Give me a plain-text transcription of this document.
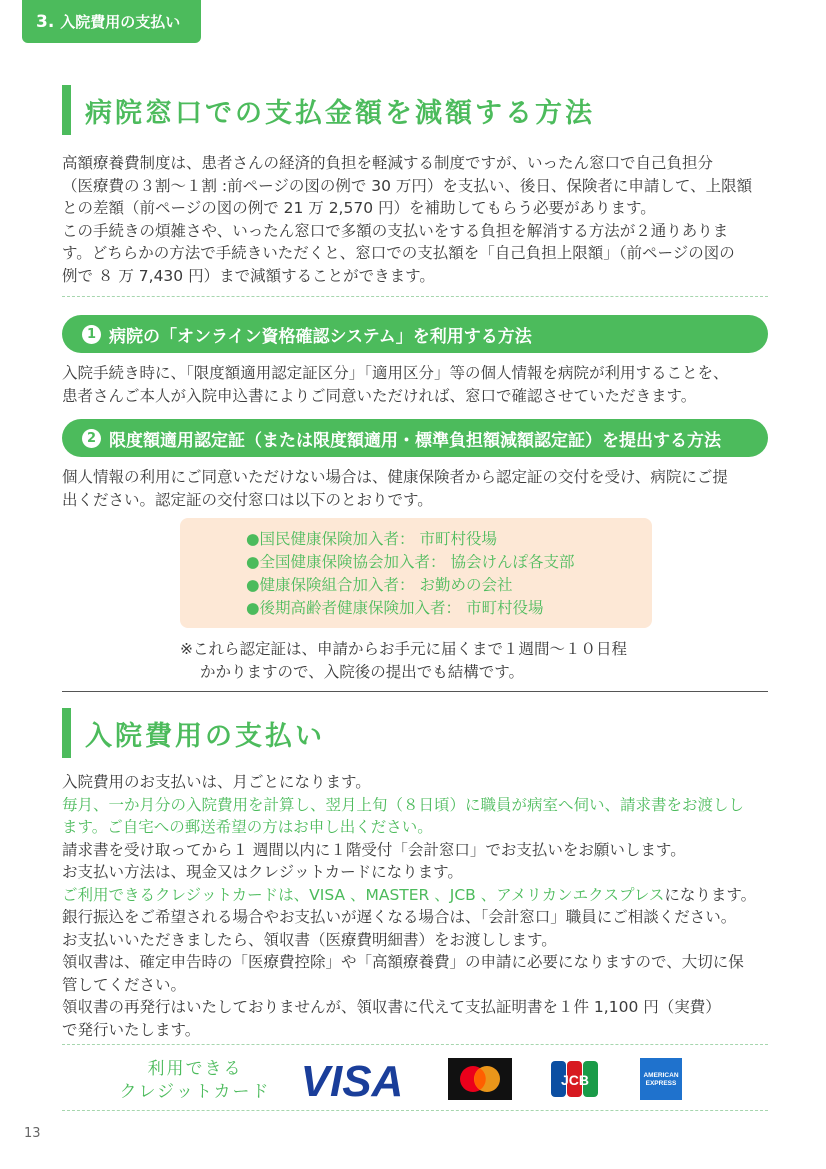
3. 入院費用の支払い
病院窓口での支払金額を減額する方法

高額療養費制度は、患者さんの経済的負担を軽減する制度ですが、いったん窓口で自己負担分
（医療費の３割〜１割 :前ページの図の例で 30 万円）を支払い、後日、保険者に申請して、上限額
との差額（前ページの図の例で 21 万 2,570 円）を補助してもらう必要があります。
この手続きの煩雑さや、いったん窓口で多額の支払いをする負担を解消する方法が２通りありま
す。どちらかの方法で手続きいただくと、窓口での支払額を「自己負担上限額」（前ページの図の
例で ８ 万 7,430 円）まで減額することができます。

1 病院の「オンライン資格確認システム」を利用する方法

入院手続き時に、「限度額適用認定証区分」「適用区分」等の個人情報を病院が利用することを、
患者さんご本人が入院申込書によりご同意いただければ、窓口で確認させていただきます。

2 限度額適用認定証（または限度額適用・標準負担額減額認定証）を提出する方法

個人情報の利用にご同意いただけない場合は、健康保険者から認定証の交付を受け、病院にご提
出ください。認定証の交付窓口は以下のとおりです。

●国民健康保険加入者： 市町村役場
●全国健康保険協会加入者： 協会けんぽ各支部
●健康保険組合加入者： お勤めの会社
●後期高齢者健康保険加入者： 市町村役場
※これら認定証は、申請からお手元に届くまで１週間〜１０日程
かかりますので、入院後の提出でも結構です。
入院費用の支払い

入院費用のお支払いは、月ごとになります。
毎月、一か月分の入院費用を計算し、翌月上旬（８日頃）に職員が病室へ伺い、請求書をお渡しし
ます。ご自宅への郵送希望の方はお申し出ください。
請求書を受け取ってから１ 週間以内に１階受付「会計窓口」でお支払いをお願いします。
お支払い方法は、現金又はクレジットカードになります。
ご利用できるクレジットカードは、VISA 、MASTER 、JCB 、アメリカンエクスプレスになります。
銀行振込をご希望される場合やお支払いが遅くなる場合は、「会計窓口」職員にご相談ください。
お支払いいただきましたら、領収書（医療費明細書）をお渡しします。
領収書は、確定申告時の「医療費控除」や「高額療養費」の申請に必要になりますので、大切に保
管してください。
領収書の再発行はいたしておりませんが、領収書に代えて支払証明書を１件 1,100 円（実費）
で発行いたします。

利用できる
クレジットカード VISA	JCB	AMERICAN
EXPRESS
13
